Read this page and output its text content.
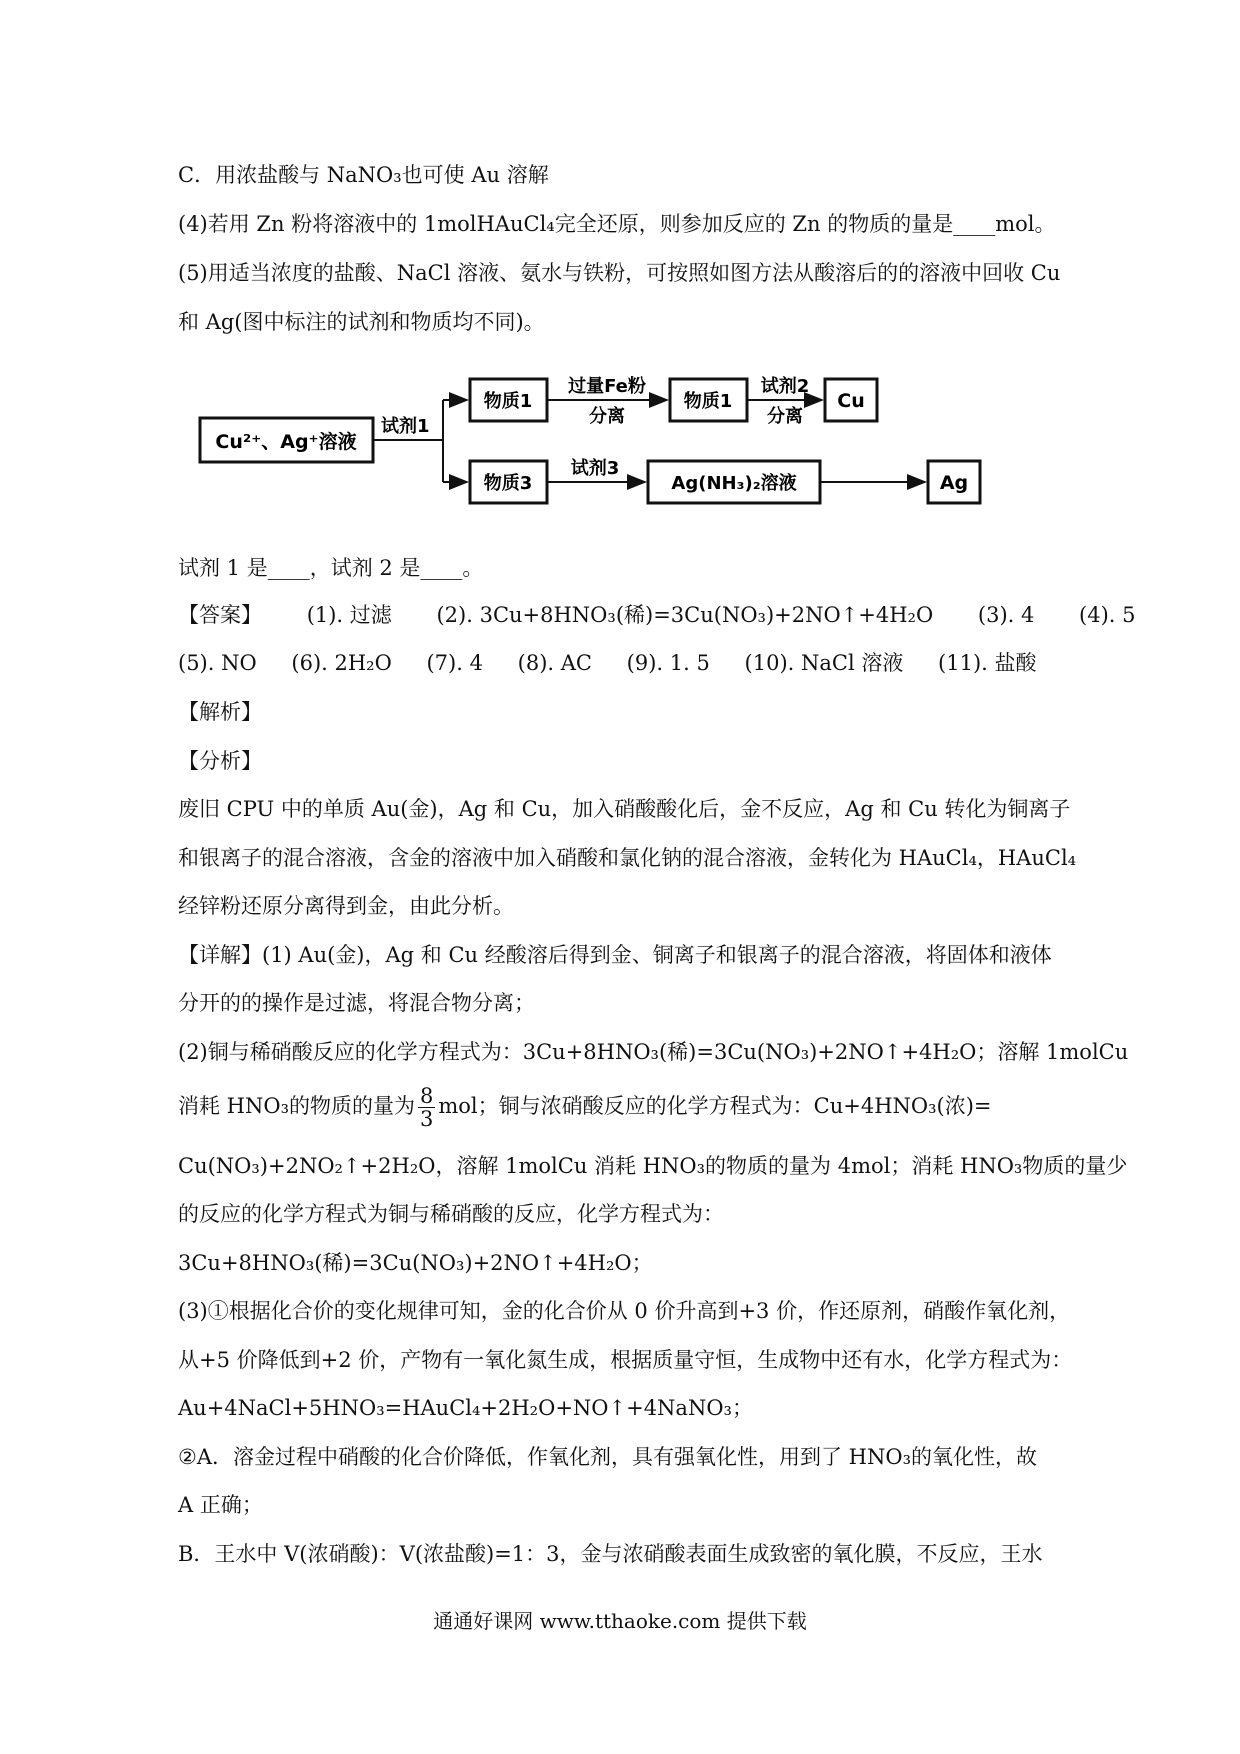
C．用浓盐酸与 NaNO₃也可使 Au 溶解
(4)若用 Zn 粉将溶液中的 1molHAuCl₄完全还原，则参加反应的 Zn 的物质的量是____mol。
(5)用适当浓度的盐酸、NaCl 溶液、氨水与铁粉，可按照如图方法从酸溶后的的溶液中回收 Cu
和 Ag(图中标注的试剂和物质均不同)。
Cu²⁺、Ag⁺溶液
试剂1
物质1
过量Fe粉
分离
物质1
试剂2
分离
Cu
物质3
试剂3
Ag(NH₃)₂溶液	Ag
试剂 1 是____，试剂 2 是____。
【答案】 (1). 过滤 (2). 3Cu+8HNO₃(稀)=3Cu(NO₃)+2NO↑+4H₂O (3). 4 (4). 5
(5). NO (6). 2H₂O (7). 4 (8). AC (9). 1. 5 (10). NaCl 溶液 (11). 盐酸
【解析】
【分析】
废旧 CPU 中的单质 Au(金)，Ag 和 Cu，加入硝酸酸化后，金不反应，Ag 和 Cu 转化为铜离子
和银离子的混合溶液，含金的溶液中加入硝酸和氯化钠的混合溶液，金转化为 HAuCl₄，HAuCl₄
经锌粉还原分离得到金，由此分析。
【详解】(1) Au(金)，Ag 和 Cu 经酸溶后得到金、铜离子和银离子的混合溶液，将固体和液体
分开的的操作是过滤，将混合物分离；
(2)铜与稀硝酸反应的化学方程式为：3Cu+8HNO₃(稀)=3Cu(NO₃)+2NO↑+4H₂O；溶解 1molCu
消耗 HNO₃的物质的量为 $\frac{8}{3}$ mol；铜与浓硝酸反应的化学方程式为：Cu+4HNO₃(浓)=
Cu(NO₃)+2NO₂↑+2H₂O，溶解 1molCu 消耗 HNO₃的物质的量为 4mol；消耗 HNO₃物质的量少
的反应的化学方程式为铜与稀硝酸的反应，化学方程式为：
3Cu+8HNO₃(稀)=3Cu(NO₃)+2NO↑+4H₂O；
(3)①根据化合价的变化规律可知，金的化合价从 0 价升高到+3 价，作还原剂，硝酸作氧化剂，
从+5 价降低到+2 价，产物有一氧化氮生成，根据质量守恒，生成物中还有水，化学方程式为：
Au+4NaCl+5HNO₃=HAuCl₄+2H₂O+NO↑+4NaNO₃；
②A．溶金过程中硝酸的化合价降低，作氧化剂，具有强氧化性，用到了 HNO₃的氧化性，故
A 正确；
B．王水中 V(浓硝酸)：V(浓盐酸)=1：3，金与浓硝酸表面生成致密的氧化膜，不反应，王水
通通好课网 www.tthaoke.com 提供下载
